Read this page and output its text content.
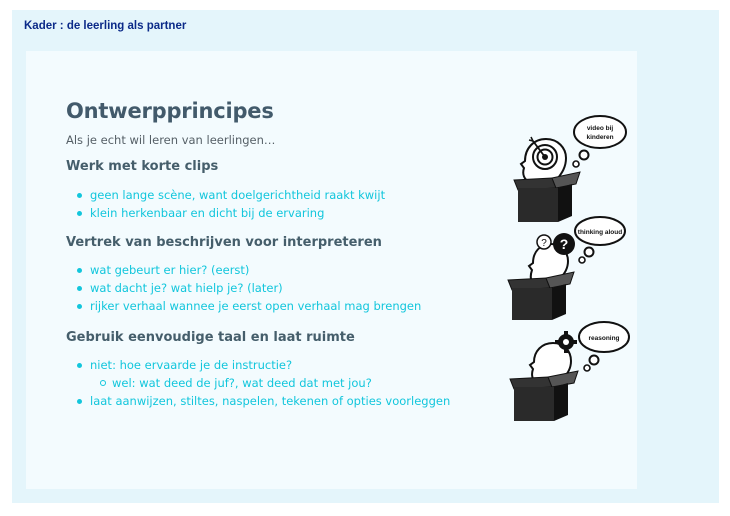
Kader : de leerling als partner
Ontwerpprincipes
Als je echt wil leren van leerlingen…
Werk met korte clips
geen lange scène, want doelgerichtheid raakt kwijt
klein herkenbaar en dicht bij de ervaring
Vertrek van beschrijven voor interpreteren
wat gebeurt er hier? (eerst)
wat dacht je? wat hielp je? (later)
rijker verhaal wannee je eerst open verhaal mag brengen
Gebruik eenvoudige taal en laat ruimte
niet: hoe ervaarde je de instructie?
wel: wat deed de juf?, wat deed dat met jou?
laat aanwijzen, stiltes, naspelen, tekenen of opties voorleggen
video bij
kinderen
thinking aloud
? ?
reasoning
